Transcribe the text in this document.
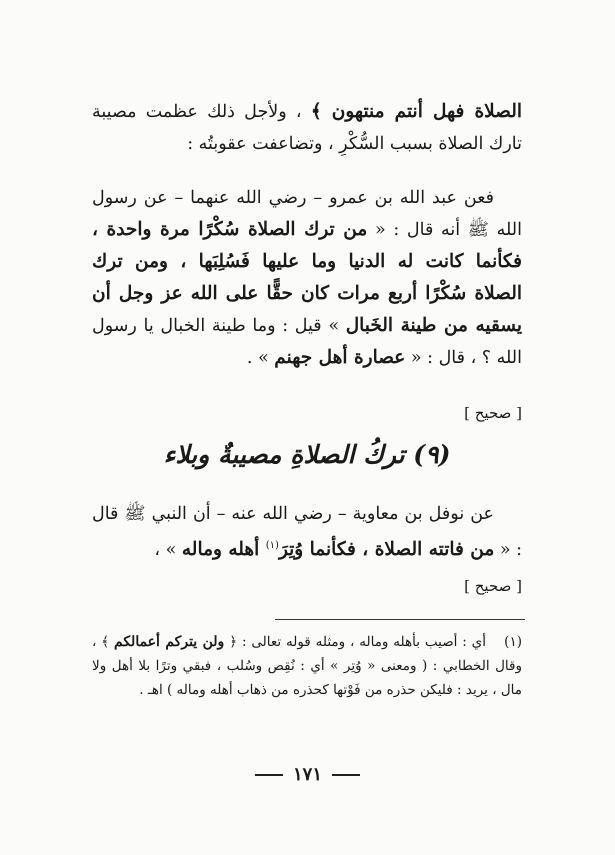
الصلاة فهل أنتم منتهون ﴾ ، ولأجل ذلك عظمت مصيبة تارك الصلاة بسبب السُّكْرِ ، وتضاعفت عقوبتُه :
فعن عبد الله بن عمرو – رضي الله عنهما – عن رسول الله ﷺ أنه قال : « من ترك الصلاة سُكْرًا مرة واحدة ، فكأنما كانت له الدنيا وما عليها فَسُلِبَها ، ومن ترك الصلاة سُكْرًا أربع مرات كان حقًّا على الله عز وجل أن يسقيه من طينة الخَبال » قيل : وما طينة الخبال يا رسول الله ؟ ، قال : « عصارة أهل جهنم » .
[ صحيح ]
(٩) تركُ الصلاةِ مصيبةٌ وبلاء
عن نوفل بن معاوية – رضي الله عنه – أن النبي ﷺ قال : « من فاتته الصلاة ، فكأنما وُتِرَ$^{(١)}$ أهله وماله » ،
[ صحيح ]
(١)أي : أصيب بأهله وماله ، ومثله قوله تعالى : ﴿ ولن يتركم أعمالكم ﴾ ، وقال الخطابي : ( ومعنى « وُتِر » أي : نُقِص وسُلب ، فبقي وترًا بلا أهل ولا مال ، يريد : فليكن حذره من فَوْتها كحذره من ذهاب أهله وماله ) اهـ .
١٧١
